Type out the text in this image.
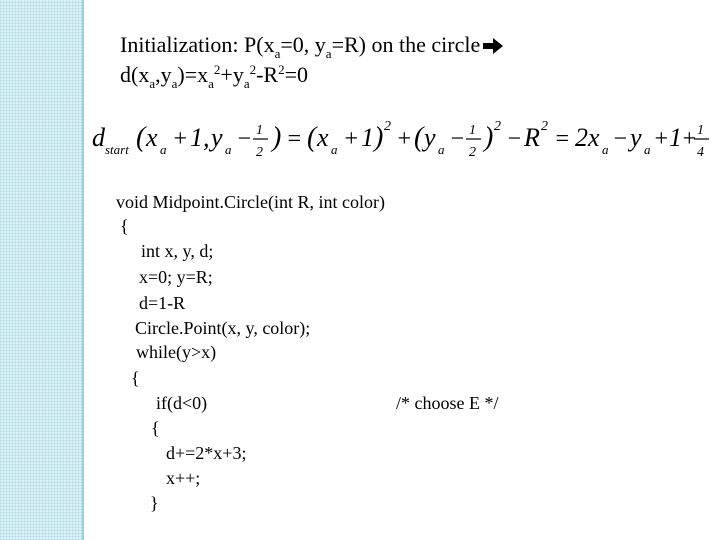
Initialization: $P(x_a=0$, $y_a=R$) on the circle
$d(x_a,y_a)=x_a^2+y_a^2-R^2=0$
d start ( x a + 1 , y a − 1
2 ) = ( x a + 1 ) 2 + ( y a − 1
2 ) 2 − R 2 = 2 x a − y a + 1 + 1
4
void Midpoint.Circle(int R, int color)
{
int x, y, d;
x=0; y=R;
d=1-R
Circle.Point(x, y, color);
while(y>x)
{
if(d<0)	/* choose E */
{
d+=2*x+3;
x++;
}
